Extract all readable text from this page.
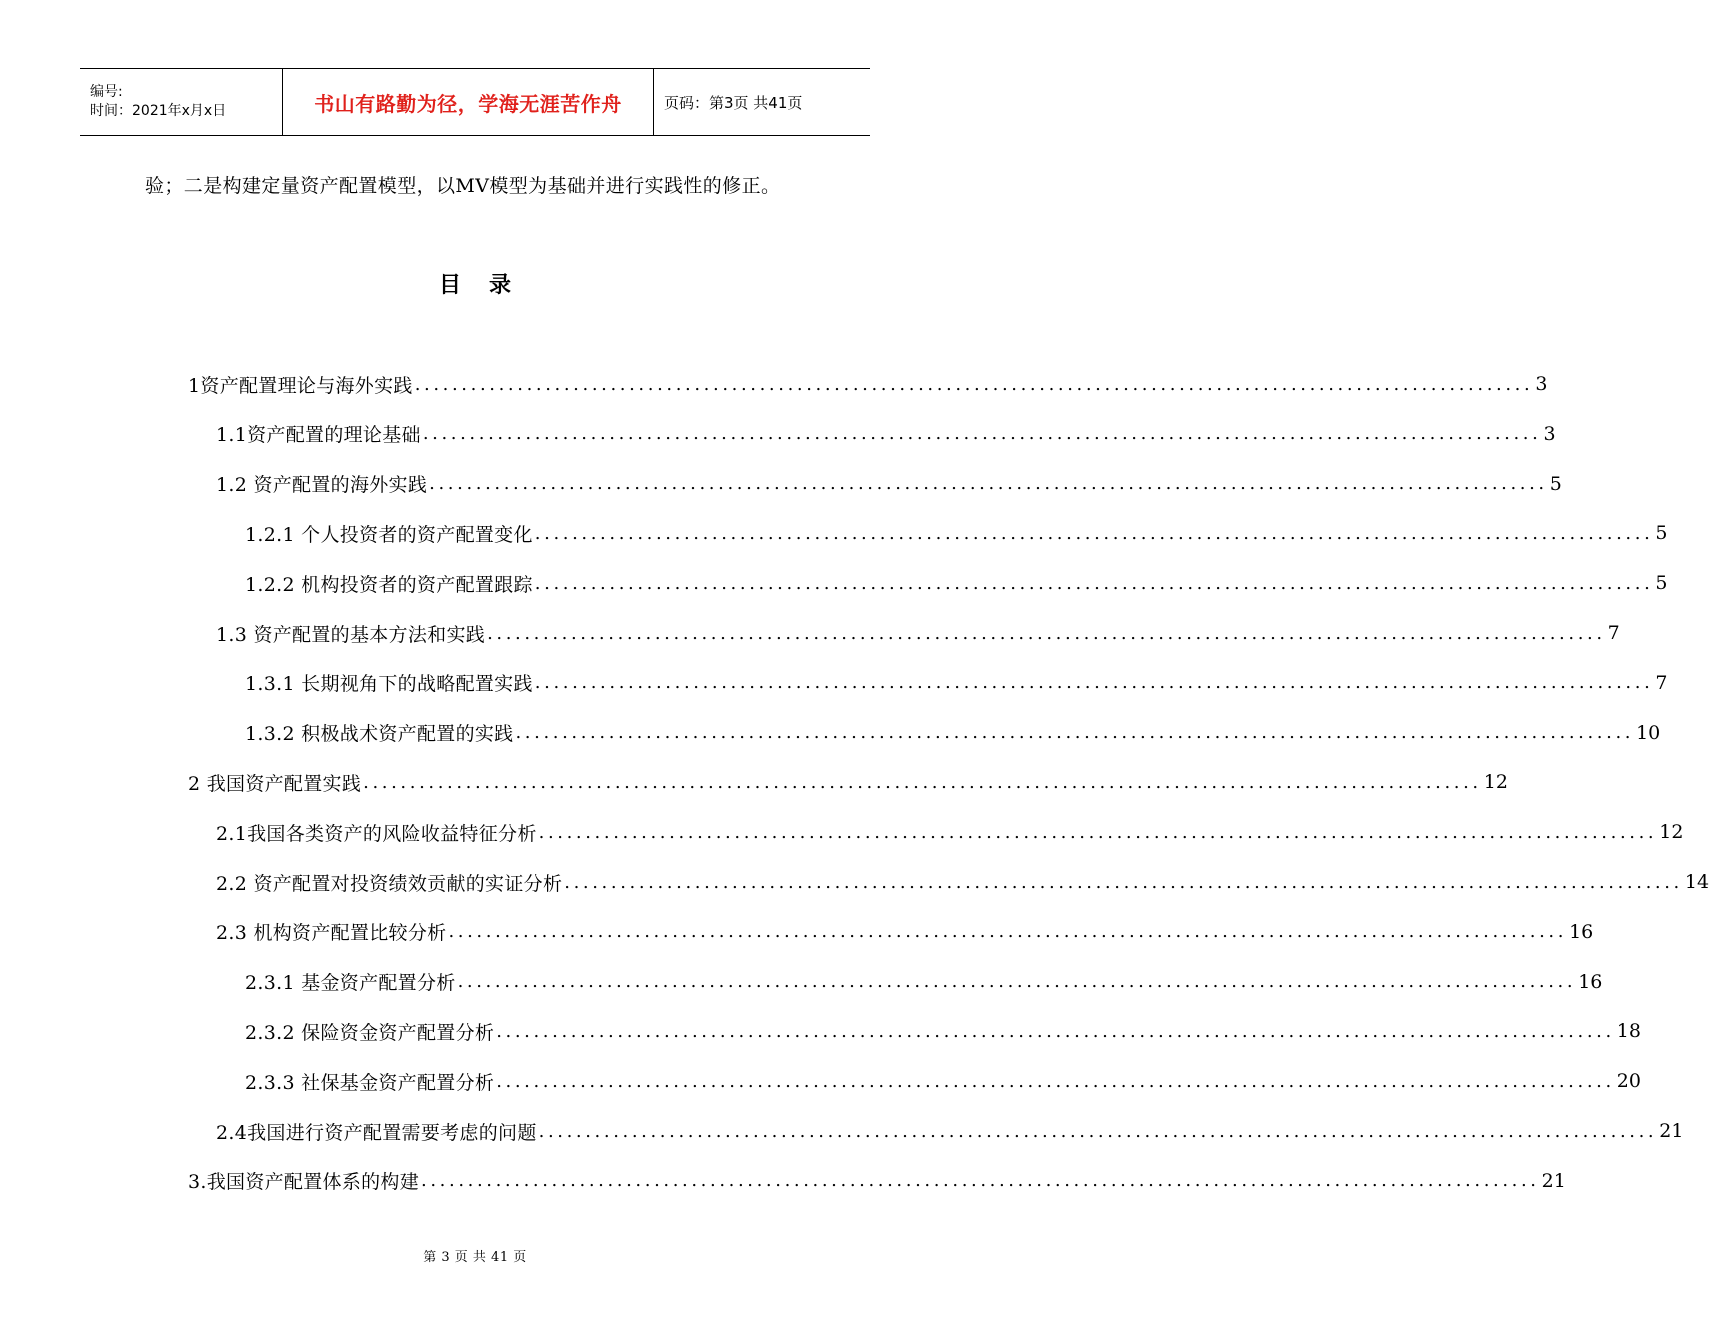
编号:
时间：2021年x月x日	书山有路勤为径，学海无涯苦作舟	页码：第3页 共41页
验；二是构建定量资产配置模型，以MV模型为基础并进行实践性的修正。
目录
1资产配置理论与海外实践 ........................................................................................................................ 3
1.1资产配置的理论基础 ........................................................................................................................ 3
1.2 资产配置的海外实践 ........................................................................................................................ 5
1.2.1 个人投资者的资产配置变化 ........................................................................................................................ 5
1.2.2 机构投资者的资产配置跟踪 ........................................................................................................................ 5
1.3 资产配置的基本方法和实践 ........................................................................................................................ 7
1.3.1 长期视角下的战略配置实践 ........................................................................................................................ 7
1.3.2 积极战术资产配置的实践 ........................................................................................................................ 10
2 我国资产配置实践 ........................................................................................................................ 12
2.1我国各类资产的风险收益特征分析 ........................................................................................................................ 12
2.2 资产配置对投资绩效贡献的实证分析 ........................................................................................................................ 14
2.3 机构资产配置比较分析 ........................................................................................................................ 16
2.3.1 基金资产配置分析 ........................................................................................................................ 16
2.3.2 保险资金资产配置分析 ........................................................................................................................ 18
2.3.3 社保基金资产配置分析 ........................................................................................................................ 20
2.4我国进行资产配置需要考虑的问题 ........................................................................................................................ 21
3.我国资产配置体系的构建 ........................................................................................................................ 21
第 3 页 共 41 页
